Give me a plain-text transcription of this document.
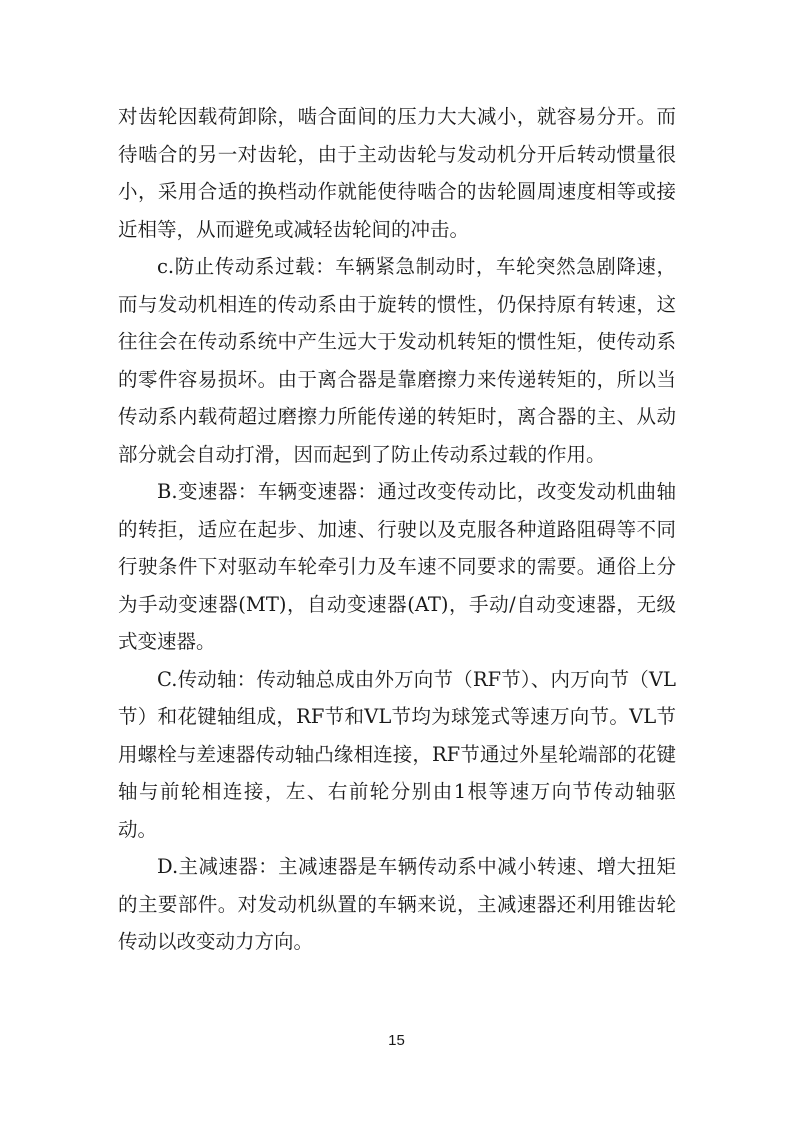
对齿轮因载荷卸除，啮合面间的压力大大减小，就容易分开。而待啮合的另一对齿轮，由于主动齿轮与发动机分开后转动惯量很小，采用合适的换档动作就能使待啮合的齿轮圆周速度相等或接近相等，从而避免或减轻齿轮间的冲击。

c.防止传动系过载：车辆紧急制动时，车轮突然急剧降速，而与发动机相连的传动系由于旋转的惯性，仍保持原有转速，这往往会在传动系统中产生远大于发动机转矩的惯性矩，使传动系的零件容易损坏。由于离合器是靠磨擦力来传递转矩的，所以当传动系内载荷超过磨擦力所能传递的转矩时，离合器的主、从动部分就会自动打滑，因而起到了防止传动系过载的作用。

B.变速器：车辆变速器：通过改变传动比，改变发动机曲轴的转拒，适应在起步、加速、行驶以及克服各种道路阻碍等不同行驶条件下对驱动车轮牵引力及车速不同要求的需要。通俗上分为手动变速器(MT)，自动变速器(AT)，手动/自动变速器，无级式变速器。

C.传动轴：传动轴总成由外万向节（RF节）、内万向节（VL节）和花键轴组成，RF节和VL节均为球笼式等速万向节。VL节用螺栓与差速器传动轴凸缘相连接，RF节通过外星轮端部的花键轴与前轮相连接，左、右前轮分别由1根等速万向节传动轴驱动。

D.主减速器：主减速器是车辆传动系中减小转速、增大扭矩的主要部件。对发动机纵置的车辆来说，主减速器还利用锥齿轮传动以改变动力方向。

15
